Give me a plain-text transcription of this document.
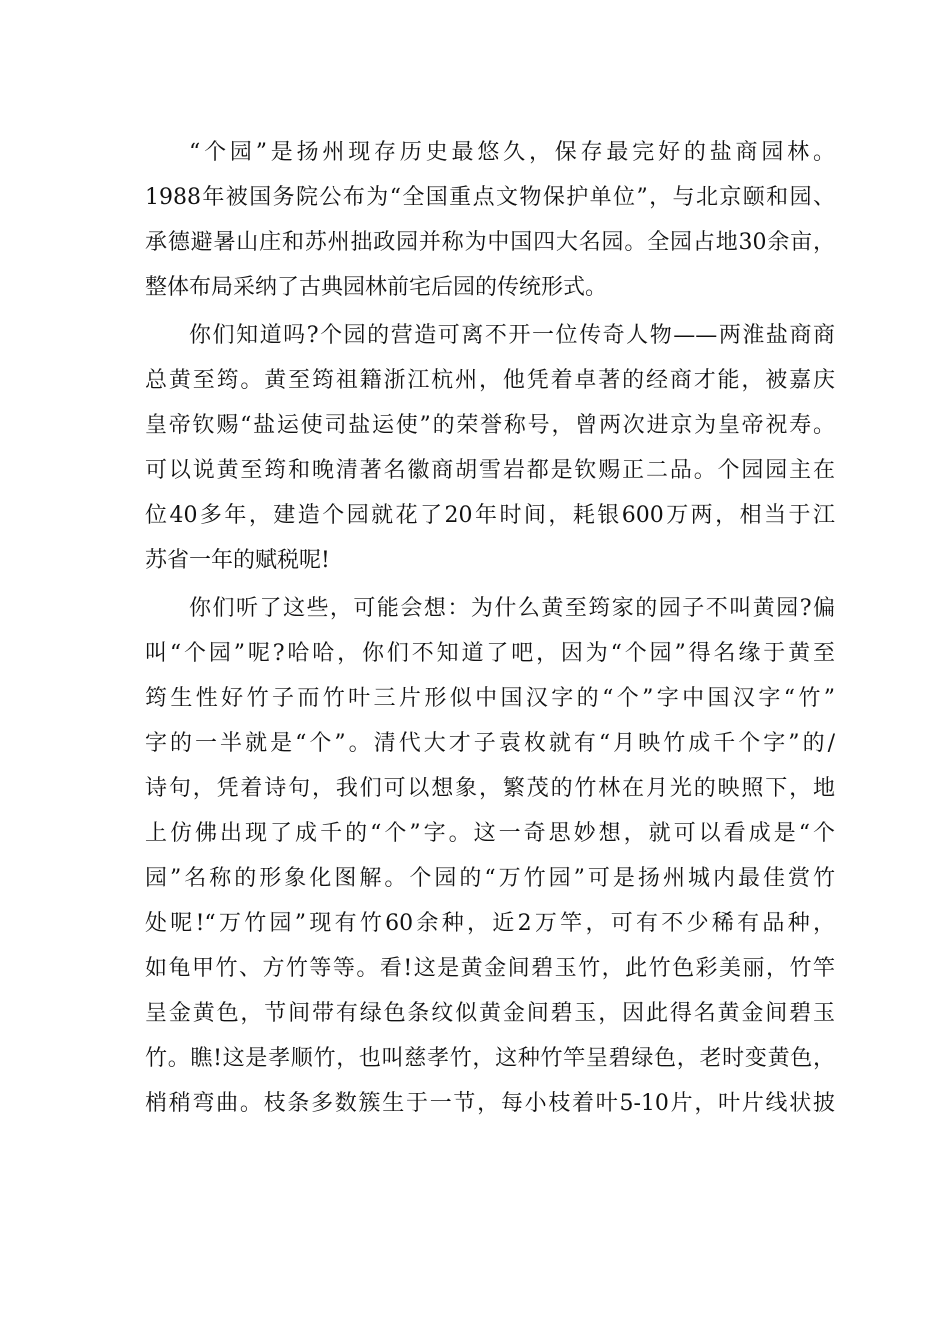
“个园”是扬州现存历史最悠久，保存最完好的盐商园林。
1988年被国务院公布为“全国重点文物保护单位”，与北京颐和园、
承德避暑山庄和苏州拙政园并称为中国四大名园。全园占地30余亩，
整体布局采纳了古典园林前宅后园的传统形式。
你们知道吗?个园的营造可离不开一位传奇人物——两淮盐商商
总黄至筠。黄至筠祖籍浙江杭州，他凭着卓著的经商才能，被嘉庆
皇帝钦赐“盐运使司盐运使”的荣誉称号，曾两次进京为皇帝祝寿。
可以说黄至筠和晚清著名徽商胡雪岩都是钦赐正二品。个园园主在
位40多年，建造个园就花了20年时间，耗银600万两，相当于江
苏省一年的赋税呢!
你们听了这些，可能会想：为什么黄至筠家的园子不叫黄园?偏
叫“个园”呢?哈哈，你们不知道了吧，因为“个园”得名缘于黄至
筠生性好竹子而竹叶三片形似中国汉字的“个”字中国汉字“竹”
字的一半就是“个”。清代大才子袁枚就有“月映竹成千个字”的/
诗句，凭着诗句，我们可以想象，繁茂的竹林在月光的映照下，地
上仿佛出现了成千的“个”字。这一奇思妙想，就可以看成是“个
园”名称的形象化图解。个园的“万竹园”可是扬州城内最佳赏竹
处呢!“万竹园”现有竹60余种，近2万竿，可有不少稀有品种，
如龟甲竹、方竹等等。看!这是黄金间碧玉竹，此竹色彩美丽，竹竿
呈金黄色，节间带有绿色条纹似黄金间碧玉，因此得名黄金间碧玉
竹。瞧!这是孝顺竹，也叫慈孝竹，这种竹竿呈碧绿色，老时变黄色，
梢稍弯曲。枝条多数簇生于一节，每小枝着叶5-10片，叶片线状披
